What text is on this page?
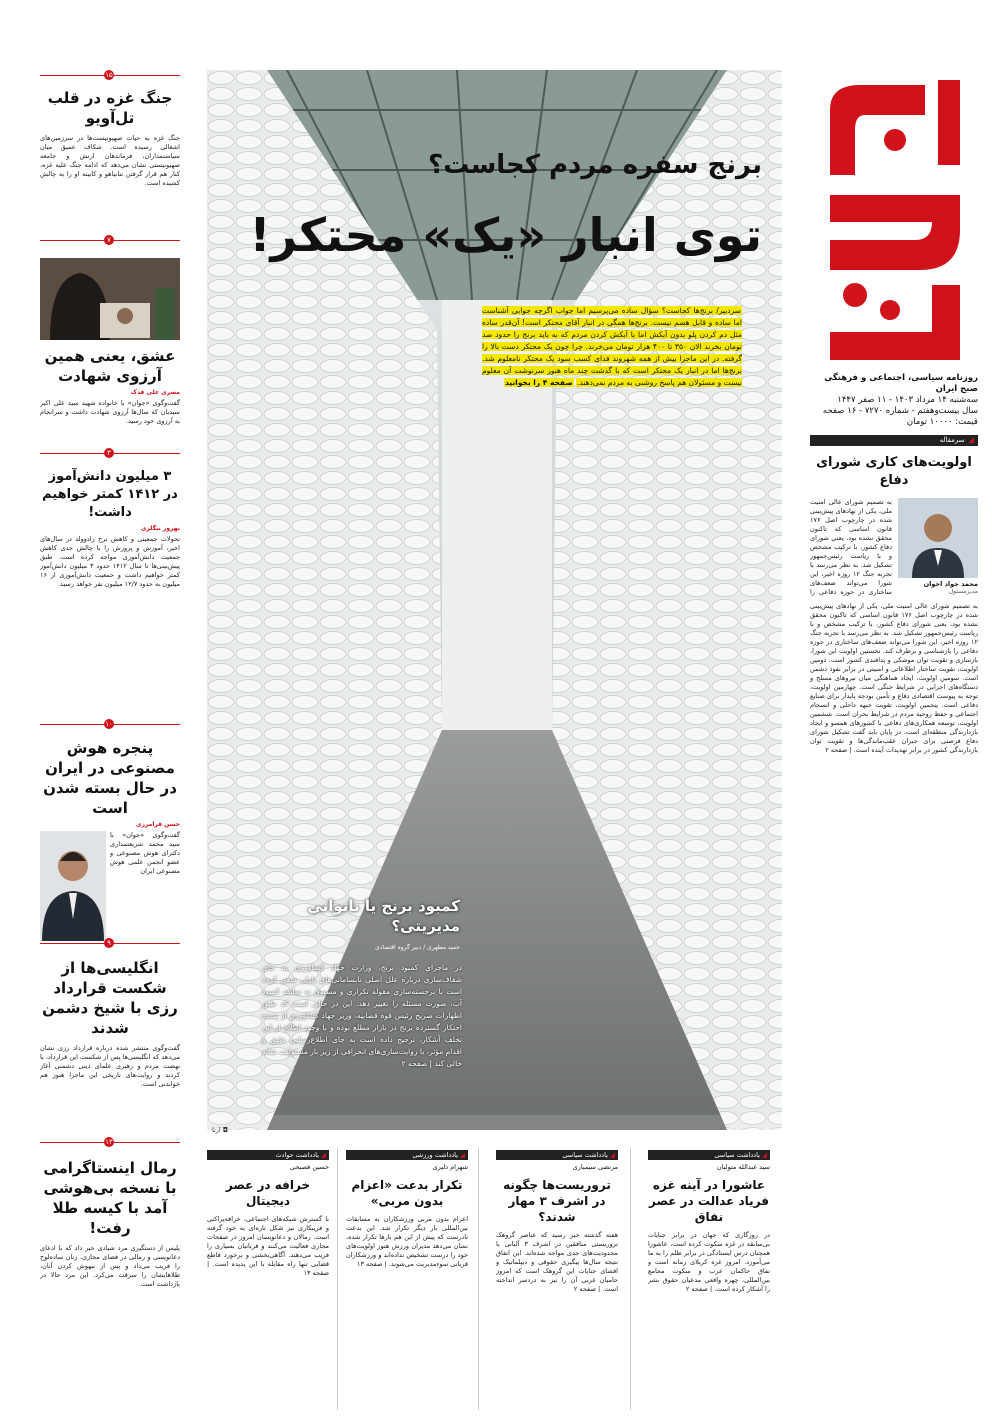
روزنامه سیاسی، اجتماعی و فرهنگی صبح ایران
سه‌شنبه ۱۴ مرداد ۱۴۰۳ - ۱۱ صفر ۱۴۴۷
سال بیست‌وهفتم - شماره ۷۲۷۰ - ۱۶ صفحه
قیمت: ۱۰۰۰۰ تومان
◢سرمقاله
اولویت‌های کاری شورای دفاع
محمد جواد اخوان
مدیرمسئول
به تصمیم شورای عالی امنیت ملی، یکی از نهادهای پیش‌بینی شده در چارچوب اصل ۱۷۶ قانون اساسی که تاکنون محقق نشده بود، یعنی شورای دفاع کشور، با ترکیب مشخص و با ریاست رئیس‌جمهور تشکیل شد. به نظر می‌رسد با تجربه جنگ ۱۲ روزه اخیر، این شورا می‌تواند ضعف‌های ساختاری در حوزه دفاعی را
به تصمیم شورای عالی امنیت ملی، یکی از نهادهای پیش‌بینی شده در چارچوب اصل ۱۷۶ قانون اساسی که تاکنون محقق نشده بود، یعنی شورای دفاع کشور، با ترکیب مشخص و با ریاست رئیس‌جمهور تشکیل شد. به نظر می‌رسد با تجربه جنگ ۱۲ روزه اخیر، این شورا می‌تواند ضعف‌های ساختاری در حوزه دفاعی را بازشناسی و برطرف کند. نخستین اولویت این شورا، بازسازی و تقویت توان موشکی و پدافندی کشور است. دومین اولویت، تقویت ساختار اطلاعاتی و امنیتی در برابر نفوذ دشمن است. سومین اولویت، ایجاد هماهنگی میان نیروهای مسلح و دستگاه‌های اجرایی در شرایط جنگی است. چهارمین اولویت، توجه به پیوست اقتصادی دفاع و تأمین بودجه پایدار برای صنایع دفاعی است. پنجمین اولویت، تقویت جبهه داخلی و انسجام اجتماعی و حفظ روحیه مردم در شرایط بحران است. ششمین اولویت، توسعه همکاری‌های دفاعی با کشورهای همسو و ایجاد بازدارندگی منطقه‌ای است. در پایان باید گفت تشکیل شورای دفاع فرصتی برای جبران عقب‌ماندگی‌ها و تقویت توان بازدارندگی کشور در برابر تهدیدات آینده است. | صفحه ۲
◘ ارنا
برنج سفره مردم کجاست؟
توی انبار «یک» محتکر!
سردبیر/ برنج‌ها کجاست؟ سؤال ساده می‌پرسیم اما جواب اگرچه جوابی آشناست اما ساده و قابل هضم نیست. برنج‌ها همگی در انبار آقای محتکر است! آن‌قدر ساده مثل دم کردن پلو بدون آبکش اما با آبکش کردن مردم که به باید برنج را حدود صد تومان بخرند الان ۳۵۰ تا ۴۰۰ هزار تومان می‌خرند. چرا چون یک محتکر دست بالا را گرفته. در این ماجرا بیش از همه شهروند فدای کسب سود یک محتکر نامعلوم شد. برنج‌ها اما در انبار یک محتکر است که با گذشت چند ماه هنوز سرنوشت آن معلوم نیست و مسئولان هم پاسخ روشنی به مردم نمی‌دهند. صفحه ۴ را بخوانید
کمبود برنج یا ناتوانی مدیریتی؟
حمید مطهری / دبیر گروه اقتصادی
در ماجرای کمبود برنج، وزارت جهاد کشاورزی به جای شفاف‌سازی درباره علل اصلی نابسامانی‌های بازار، سعی کرده است با برجسته‌سازی مقوله تکراری و مسبوق به سابقه کمبود آب، صورت مسئله را تغییر دهد. این در حالی است که طبق اظهارات صریح رئیس قوه قضاییه، وزیر جهاد کشاورزی از پدیده احتکار گسترده برنج در بازار مطلع بوده و با وجود اطلاع از این تخلف آشکار، ترجیح داده است به جای اطلاع‌رسانی دقیق و اقدام مؤثر، با روایت‌سازی‌های انحرافی از زیر بار مسئولیت شانه خالی کند | صفحه ۲
۱۵
جنگ غزه در قلب تل‌آویو
جنگ غزه به حیات صهیونیست‌ها در سرزمین‌های اشغالی رسیده است. شکاف عمیق میان سیاستمداران، فرماندهان ارتش و جامعه صهیونیستی نشان می‌دهد که ادامه جنگ علیه غزه، کنار هم قرار گرفتن نتانیاهو و کابینه او را به چالش کشیده است.
۷
عشق، یعنی همین آرزوی شهادت
مصری علی فدک
گفت‌وگوی «جوان» با خانواده شهید سید علی اکبر سیدیان که سال‌ها آرزوی شهادت داشت و سرانجام به آرزوی خود رسید.
۳
۳ میلیون دانش‌آموز در ۱۴۱۲ کمتر خواهیم داشت!
بهروز بیگلری
تحولات جمعیتی و کاهش نرخ زادوولد در سال‌های اخیر، آموزش و پرورش را با چالش جدی کاهش جمعیت دانش‌آموزی مواجه کرده است. طبق پیش‌بینی‌ها تا سال ۱۴۱۲ حدود ۳ میلیون دانش‌آموز کمتر خواهیم داشت و جمعیت دانش‌آموزی از ۱۶ میلیون به حدود ۱۲/۷ میلیون نفر خواهد رسید.
۱۰
پنجره هوش مصنوعی در ایران در حال بسته شدن است
حسن فرامرزی
گفت‌وگوی «جوان» با سید محمد شریعتمداری دکترای هوش مصنوعی و عضو انجمن علمی هوش مصنوعی ایران
۹
انگلیسی‌ها از شکست قرارداد رزی با شیخ دشمن شدند
گفت‌وگوی منتشر شده درباره قرارداد رزی نشان می‌دهد که انگلیسی‌ها پس از شکست این قرارداد، با نهضت مردم و رهبری علمای دینی دشمنی آغاز کردند و روایت‌های تاریخی این ماجرا هنوز هم خواندنی است.
۱۳
رمال اینستاگرامی با نسخه بی‌هوشی آمد با کیسه طلا رفت!
پلیس از دستگیری مرد شیادی خبر داد که با ادعای دعانویسی و رمالی در فضای مجازی، زنان ساده‌لوح را فریب می‌داد و پس از بیهوش کردن آنان، طلاهایشان را سرقت می‌کرد. این مرد حالا در بازداشت است.
◢ یادداشت سیاسی
سید عبدالله متولیان
عاشورا در آینه غزه فریاد عدالت در عصر نفاق
در روزگاری که جهان در برابر جنایات بی‌سابقه در غزه سکوت کرده است، عاشورا همچنان درس ایستادگی در برابر ظلم را به ما می‌آموزد. امروز غزه کربلای زمانه است و نفاق حاکمان عرب و سکوت مجامع بین‌المللی، چهره واقعی مدعیان حقوق بشر را آشکار کرده است. | صفحه ۲
◢ یادداشت سیاسی
مرتضی سیمیاری
تروریست‌ها چگونه در اشرف ۳ مهار شدند؟
هفته گذشته خبر رسید که عناصر گروهک تروریستی منافقین در اشرف ۳ آلبانی با محدودیت‌های جدی مواجه شده‌اند. این اتفاق نتیجه سال‌ها پیگیری حقوقی و دیپلماتیک و افشای جنایات این گروهک است که امروز حامیان غربی آن را نیز به دردسر انداخته است. | صفحه ۲
◢ یادداشت ورزشی
شهرام دلیری
تکرار بدعت «اعزام بدون مربی»
اعزام بدون مربی ورزشکاران به مسابقات بین‌المللی بار دیگر تکرار شد. این بدعت نادرست که پیش از این هم بارها تکرار شده، نشان می‌دهد مدیران ورزش هنوز اولویت‌های خود را درست تشخیص نداده‌اند و ورزشکاران قربانی سوءمدیریت می‌شوند. | صفحه ۱۳
◢ یادداشت حوادث
حسین فصیحی
خرافه در عصر دیجیتال
با گسترش شبکه‌های اجتماعی، خرافه‌پراکنی و فریبکاری نیز شکل تازه‌ای به خود گرفته است. رمالان و دعانویسان امروز در صفحات مجازی فعالیت می‌کنند و قربانیان بسیاری را فریب می‌دهند. آگاهی‌بخشی و برخورد قاطع قضایی تنها راه مقابله با این پدیده است. | صفحه ۱۳
